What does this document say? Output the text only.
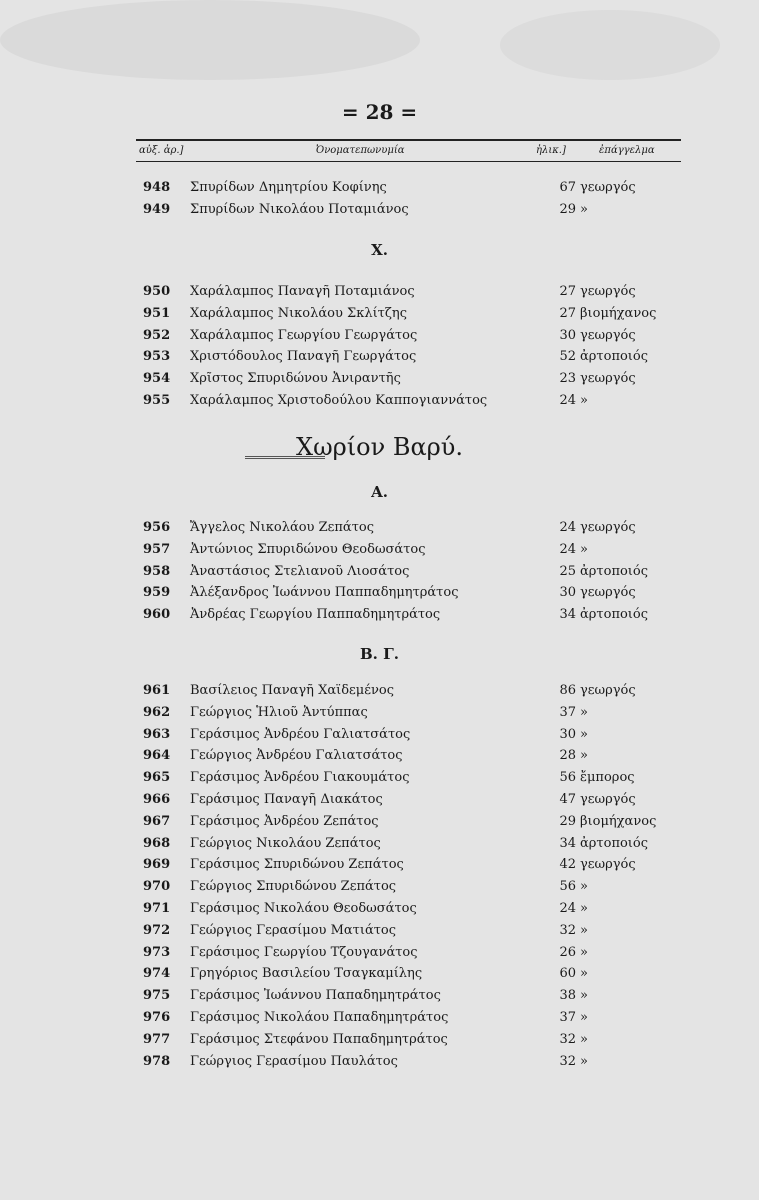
= 28 =
αὐξ. ἀρ.]	Ὀνοματεπωνυμία	ἡλικ.]	ἐπάγγελμα
948	Σπυρίδων Δημητρίου Κοφίνης	67 γεωργός
949	Σπυρίδων Νικολάου Ποταμιάνος	29 »
X.
950	Χαράλαμπος Παναγῆ Ποταμιάνος	27 γεωργός
951	Χαράλαμπος Νικολάου Σκλίτζης	27 βιομήχανος
952	Χαράλαμπος Γεωργίου Γεωργάτος	30 γεωργός
953	Χριστόδουλος Παναγῆ Γεωργάτος	52 ἀρτοποιός
954	Χρῖστος Σπυριδώνου Ἀνιραντῆς	23 γεωργός
955	Χαράλαμπος Χριστοδούλου Καππογιαννάτος	24 »
Χωρίον Βαρύ.
Α.
956	Ἄγγελος Νικολάου Ζεπάτος	24 γεωργός
957	Ἀντώνιος Σπυριδώνου Θεοδωσάτος	24 »
958	Ἀναστάσιος Στελιανοῦ Λιοσάτος	25 ἀρτοποιός
959	Ἀλέξανδρος Ἰωάννου Παππαδημητράτος	30 γεωργός
960	Ἀνδρέας Γεωργίου Παππαδημητράτος	34 ἀρτοποιός
Β. Γ.
961	Βασίλειος Παναγῆ Χαϊδεμένος	86 γεωργός
962	Γεώργιος Ἡλιοῦ Ἀντύππας	37 »
963	Γεράσιμος Ἀνδρέου Γαλιατσάτος	30 »
964	Γεώργιος Ἀνδρέου Γαλιατσάτος	28 »
965	Γεράσιμος Ἀνδρέου Γιακουμάτος	56 ἔμπορος
966	Γεράσιμος Παναγῆ Διακάτος	47 γεωργός
967	Γεράσιμος Ἀνδρέου Ζεπάτος	29 βιομήχανος
968	Γεώργιος Νικολάου Ζεπάτος	34 ἀρτοποιός
969	Γεράσιμος Σπυριδώνου Ζεπάτος	42 γεωργός
970	Γεώργιος Σπυριδώνου Ζεπάτος	56 »
971	Γεράσιμος Νικολάου Θεοδωσάτος	24 »
972	Γεώργιος Γερασίμου Ματιάτος	32 »
973	Γεράσιμος Γεωργίου Τζουγανάτος	26 »
974	Γρηγόριος Βασιλείου Τσαγκαμίλης	60 »
975	Γεράσιμος Ἰωάννου Παπαδημητράτος	38 »
976	Γεράσιμος Νικολάου Παπαδημητράτος	37 »
977	Γεράσιμος Στεφάνου Παπαδημητράτος	32 »
978	Γεώργιος Γερασίμου Παυλάτος	32 »
